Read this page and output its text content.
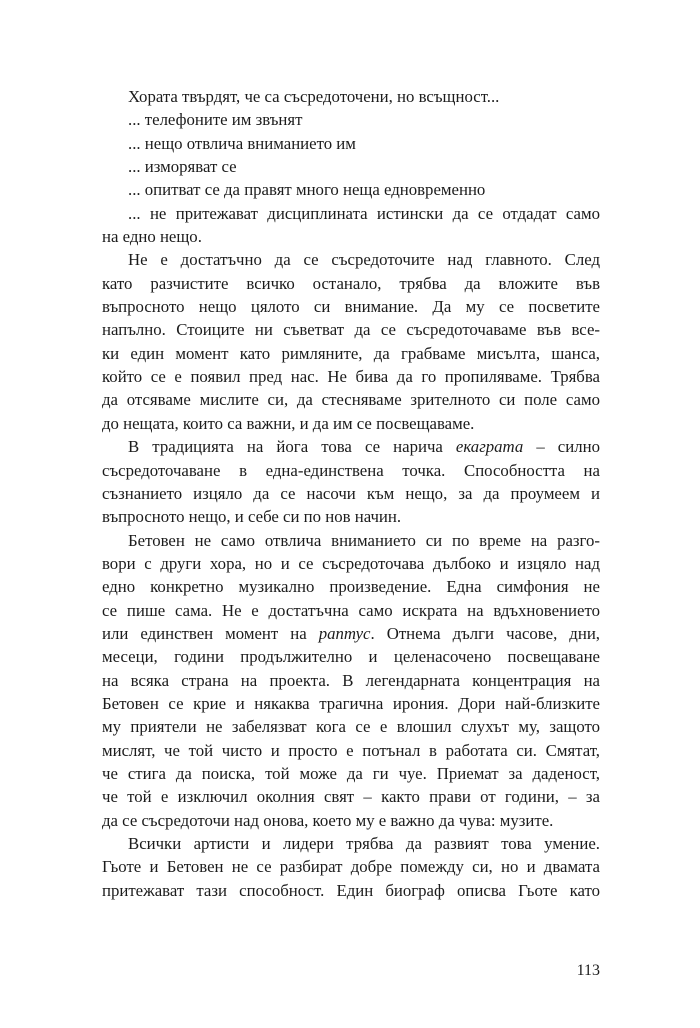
Хората твърдят, че са съсредоточени, но всъщност...
... телефоните им звънят
... нещо отвлича вниманието им
... изморяват се
... опитват се да правят много неща едновременно
... не притежават дисциплината истински да се отдадат само
на едно нещо.
Не е достатъчно да се съсредоточите над главното. След
като разчистите всичко останало, трябва да вложите във
въпросното нещо цялото си внимание. Да му се посветите
напълно. Стоиците ни съветват да се съсредоточаваме във все-
ки един момент като римляните, да грабваме мисълта, шанса,
който се е появил пред нас. Не бива да го пропиляваме. Трябва
да отсяваме мислите си, да стесняваме зрителното си поле само
до нещата, които са важни, и да им се посвещаваме.
В традицията на йога това се нарича екаграта – силно
съсредоточаване в една-единствена точка. Способността на
съзнанието изцяло да се насочи към нещо, за да проумеем и
въпросното нещо, и себе си по нов начин.
Бетовен не само отвлича вниманието си по време на разго-
вори с други хора, но и се съсредоточава дълбоко и изцяло над
едно конкретно музикално произведение. Една симфония не
се пише сама. Не е достатъчна само искрата на вдъхновението
или единствен момент на раптус. Отнема дълги часове, дни,
месеци, години продължително и целенасочено посвещаване
на всяка страна на проекта. В легендарната концентрация на
Бетовен се крие и някаква трагична ирония. Дори най-близките
му приятели не забелязват кога се е влошил слухът му, защото
мислят, че той чисто и просто е потънал в работата си. Смятат,
че стига да поиска, той може да ги чуе. Приемат за даденост,
че той е изключил околния свят – както прави от години, – за
да се съсредоточи над онова, което му е важно да чува: музите.
Всички артисти и лидери трябва да развият това умение.
Гьоте и Бетовен не се разбират добре помежду си, но и двамата
притежават тази способност. Един биограф описва Гьоте като
113
